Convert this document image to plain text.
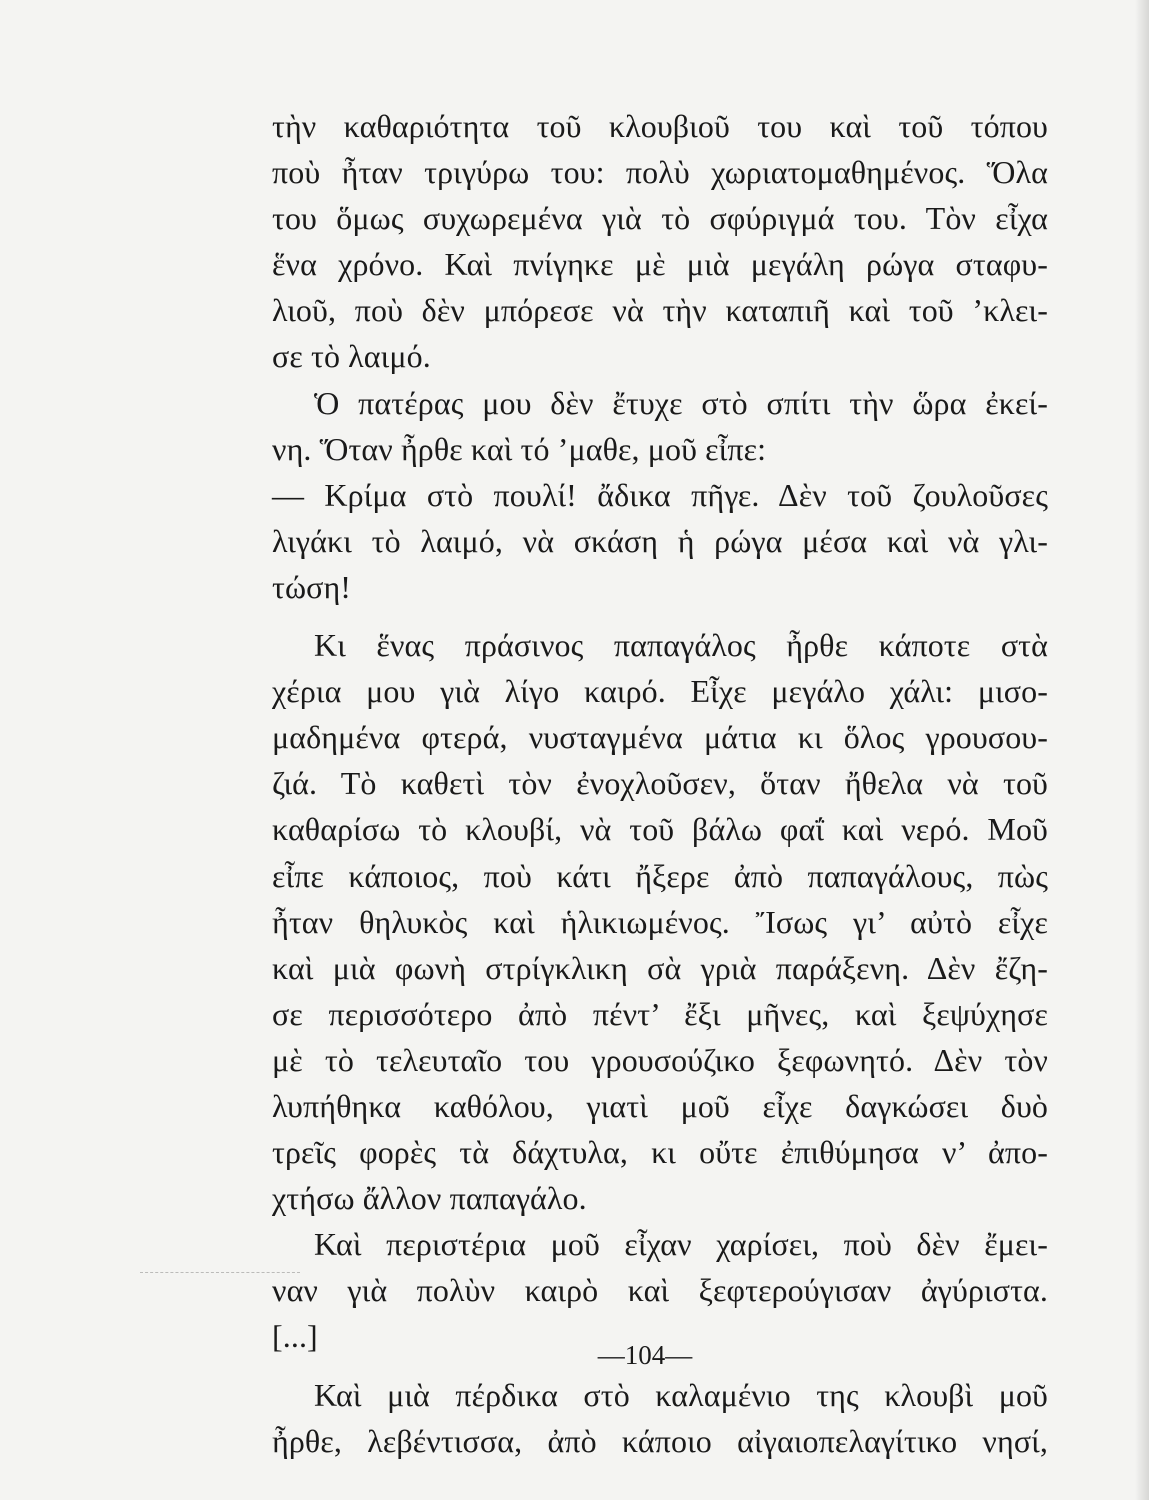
τὴν καθαριότητα τοῦ κλουβιοῦ του καὶ τοῦ τόπου
ποὺ ἦταν τριγύρω του: πολὺ χωριατομαθημένος. Ὅλα
του ὅμως συχωρεμένα γιὰ τὸ σφύριγμά του. Τὸν εἶχα
ἕνα χρόνο. Καὶ πνίγηκε μὲ μιὰ μεγάλη ρώγα σταφυ-
λιοῦ, ποὺ δὲν μπόρεσε νὰ τὴν καταπιῆ καὶ τοῦ ’κλει-
σε τὸ λαιμό.
Ὁ πατέρας μου δὲν ἔτυχε στὸ σπίτι τὴν ὥρα ἐκεί-
νη. Ὅταν ἦρθε καὶ τό ’μαθε, μοῦ εἶπε:
— Κρίμα στὸ πουλί! ἄδικα πῆγε. Δὲν τοῦ ζουλοῦσες
λιγάκι τὸ λαιμό, νὰ σκάση ἡ ρώγα μέσα καὶ νὰ γλι-
τώση!
Κι ἕνας πράσινος παπαγάλος ἦρθε κάποτε στὰ
χέρια μου γιὰ λίγο καιρό. Εἶχε μεγάλο χάλι: μισο-
μαδημένα φτερά, νυσταγμένα μάτια κι ὅλος γρουσου-
ζιά. Τὸ καθετὶ τὸν ἐνοχλοῦσεν, ὅταν ἤθελα νὰ τοῦ
καθαρίσω τὸ κλουβί, νὰ τοῦ βάλω φαΐ καὶ νερό. Μοῦ
εἶπε κάποιος, ποὺ κάτι ἤξερε ἀπὸ παπαγάλους, πὼς
ἦταν θηλυκὸς καὶ ἡλικιωμένος. Ἴσως γι’ αὐτὸ εἶχε
καὶ μιὰ φωνὴ στρίγκλικη σὰ γριὰ παράξενη. Δὲν ἔζη-
σε περισσότερο ἀπὸ πέντ’ ἔξι μῆνες, καὶ ξεψύχησε
μὲ τὸ τελευταῖο του γρουσούζικο ξεφωνητό. Δὲν τὸν
λυπήθηκα καθόλου, γιατὶ μοῦ εἶχε δαγκώσει δυὸ
τρεῖς φορὲς τὰ δάχτυλα, κι οὔτε ἐπιθύμησα ν’ ἀπο-
χτήσω ἄλλον παπαγάλο.
Καὶ περιστέρια μοῦ εἶχαν χαρίσει, ποὺ δὲν ἔμει-
ναν γιὰ πολὺν καιρὸ καὶ ξεφτερούγισαν ἀγύριστα.
[...]
Καὶ μιὰ πέρδικα στὸ καλαμένιο της κλουβὶ μοῦ
ἦρθε, λεβέντισσα, ἀπὸ κάποιο αἰγαιοπελαγίτικο νησί,
—104—
